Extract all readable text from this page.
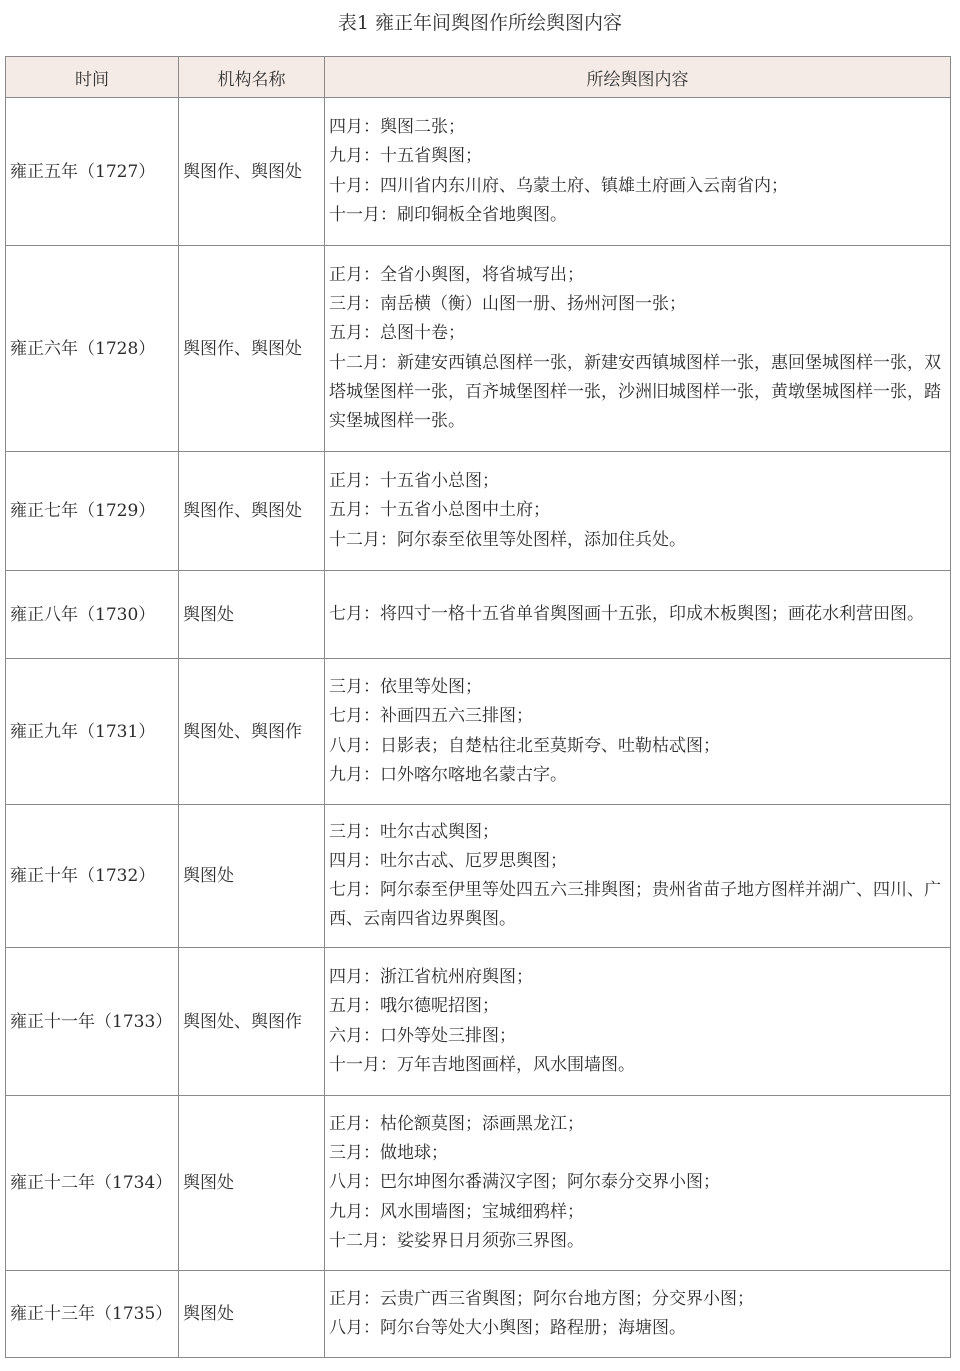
表1 雍正年间舆图作所绘舆图内容
时间	机构名称	所绘舆图内容
雍正五年（1727）	舆图作、舆图处	四月：舆图二张；
九月：十五省舆图；
十月：四川省内东川府、乌蒙土府、镇雄土府画入云南省内；
十一月：刷印铜板全省地舆图。

雍正六年（1728）	舆图作、舆图处	正月：全省小舆图，将省城写出；
三月：南岳横（衡）山图一册、扬州河图一张；
五月：总图十卷；
十二月：新建安西镇总图样一张，新建安西镇城图样一张，惠回堡城图样一张，双塔城堡图样一张，百齐城堡图样一张，沙洲旧城图样一张，黄墩堡城图样一张，踏实堡城图样一张。

雍正七年（1729）	舆图作、舆图处	正月：十五省小总图；
五月：十五省小总图中土府；
十二月：阿尔泰至依里等处图样，添加住兵处。

雍正八年（1730）	舆图处	七月：将四寸一格十五省单省舆图画十五张，印成木板舆图；画花水利营田图。

雍正九年（1731）	舆图处、舆图作	三月：依里等处图；
七月：补画四五六三排图；
八月：日影表；自楚枯往北至莫斯夸、吐勒枯忒图；
九月：口外喀尔喀地名蒙古字。

雍正十年（1732）	舆图处	三月：吐尔古忒舆图；
四月：吐尔古忒、厄罗思舆图；
七月：阿尔泰至伊里等处四五六三排舆图；贵州省苗子地方图样并湖广、四川、广西、云南四省边界舆图。

雍正十一年（1733）	舆图处、舆图作	四月：浙江省杭州府舆图；
五月：哦尔德呢招图；
六月：口外等处三排图；
十一月：万年吉地图画样，风水围墙图。

雍正十二年（1734）	舆图处	正月：枯伦额莫图；添画黑龙江；
三月：做地球；
八月：巴尔坤图尔番满汉字图；阿尔泰分交界小图；
九月：风水围墙图；宝城细鸦样；
十二月：娑娑界日月须弥三界图。

雍正十三年（1735）	舆图处	正月：云贵广西三省舆图；阿尔台地方图；分交界小图；
八月：阿尔台等处大小舆图；路程册；海塘图。
